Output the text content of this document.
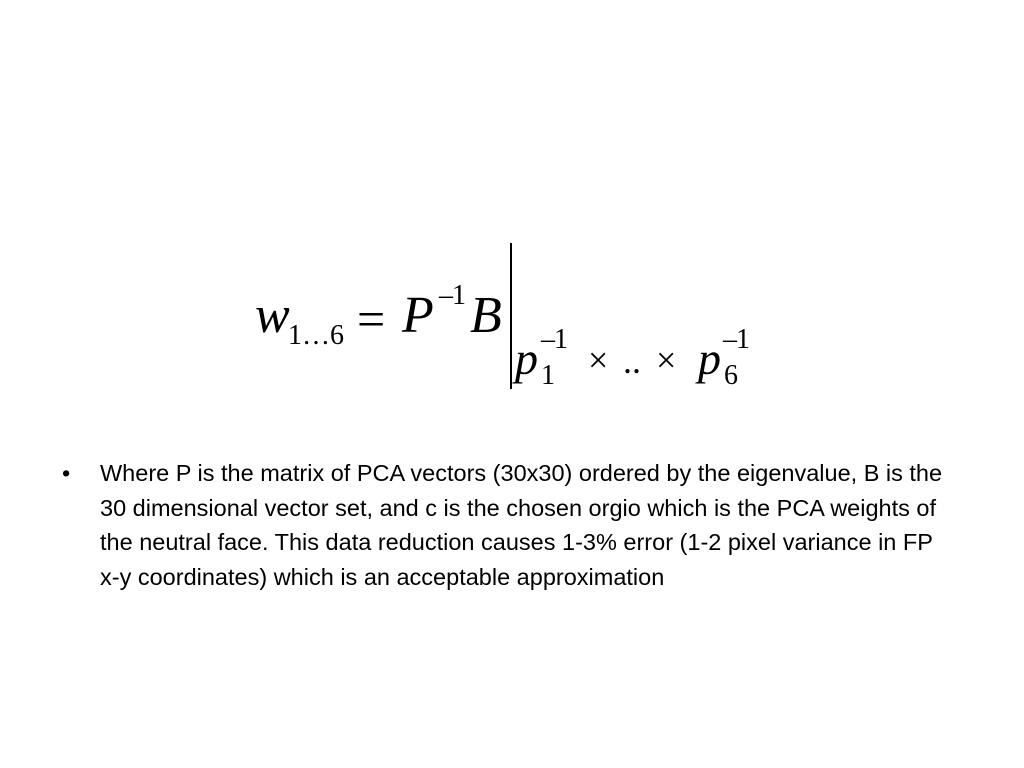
w
1…6 = P –1 B
p –1
1 × .. × p –1
6
•	Where P is the matrix of PCA vectors (30x30) ordered by the eigenvalue, B is the 30 dimensional vector set, and c is the chosen orgio which is the PCA weights of the neutral face. This data reduction causes 1-3% error (1-2 pixel variance in FP x-y coordinates) which is an acceptable approximation
